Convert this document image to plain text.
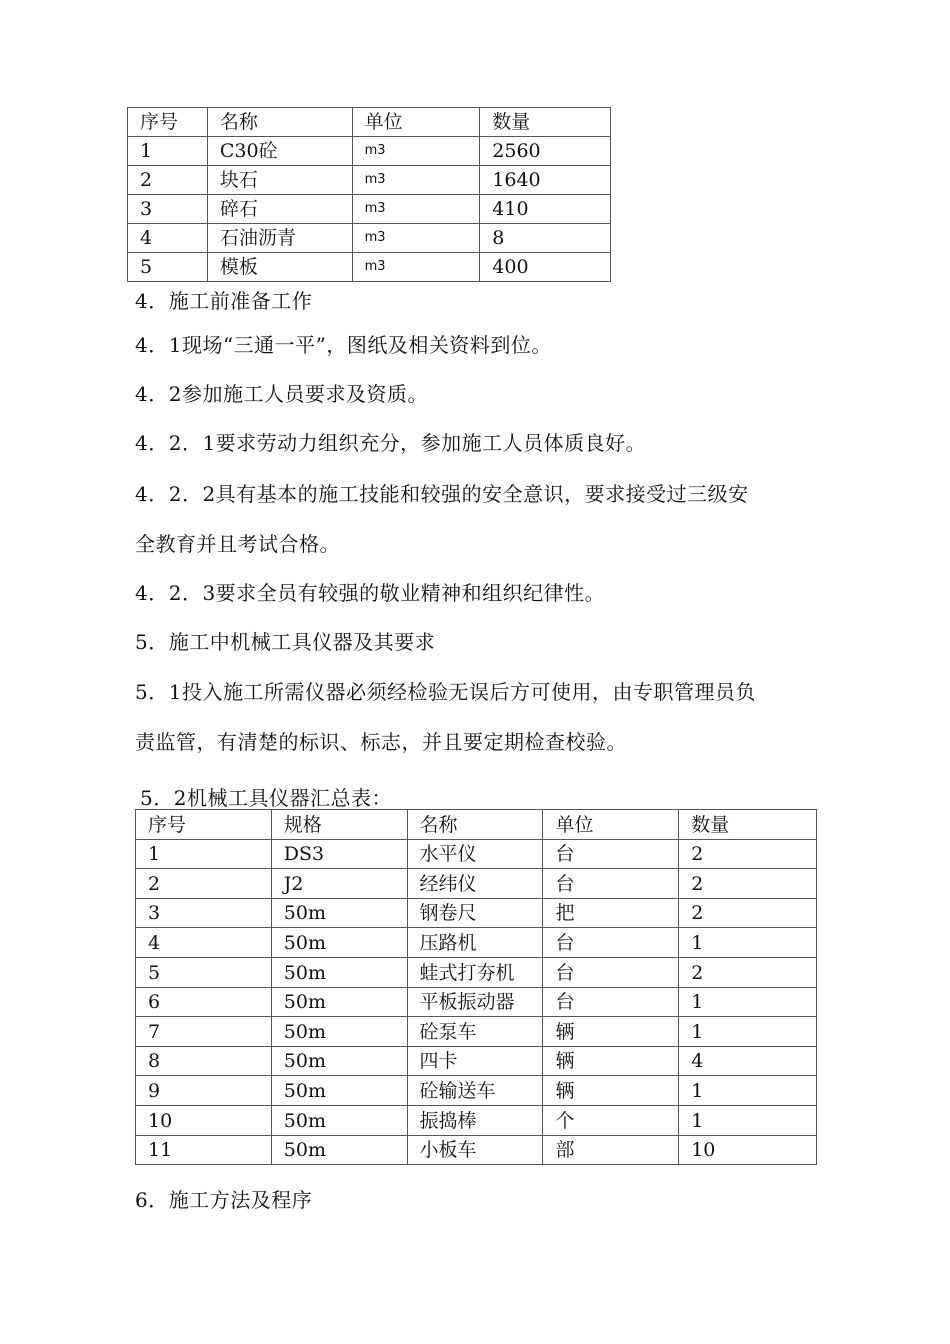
序号	名称	单位	数量
1	C30砼	m3	2560
2	块石	m3	1640
3	碎石	m3	410
4	石油沥青	m3	8
5	模板	m3	400
4．施工前准备工作
4．1现场“三通一平”，图纸及相关资料到位。
4．2参加施工人员要求及资质。
4．2．1要求劳动力组织充分，参加施工人员体质良好。
4．2．2具有基本的施工技能和较强的安全意识，要求接受过三级安
全教育并且考试合格。
4．2．3要求全员有较强的敬业精神和组织纪律性。
5．施工中机械工具仪器及其要求
5．1投入施工所需仪器必须经检验无误后方可使用，由专职管理员负
责监管，有清楚的标识、标志，并且要定期检查校验。
5．2机械工具仪器汇总表：
序号	规格	名称	单位	数量
1	DS3	水平仪	台	2
2	J2	经纬仪	台	2
3	50m	钢卷尺	把	2
4	50m	压路机	台	1
5	50m	蛙式打夯机	台	2
6	50m	平板振动器	台	1
7	50m	砼泵车	辆	1
8	50m	四卡	辆	4
9	50m	砼输送车	辆	1
10	50m	振捣棒	个	1
11	50m	小板车	部	10
6．施工方法及程序
